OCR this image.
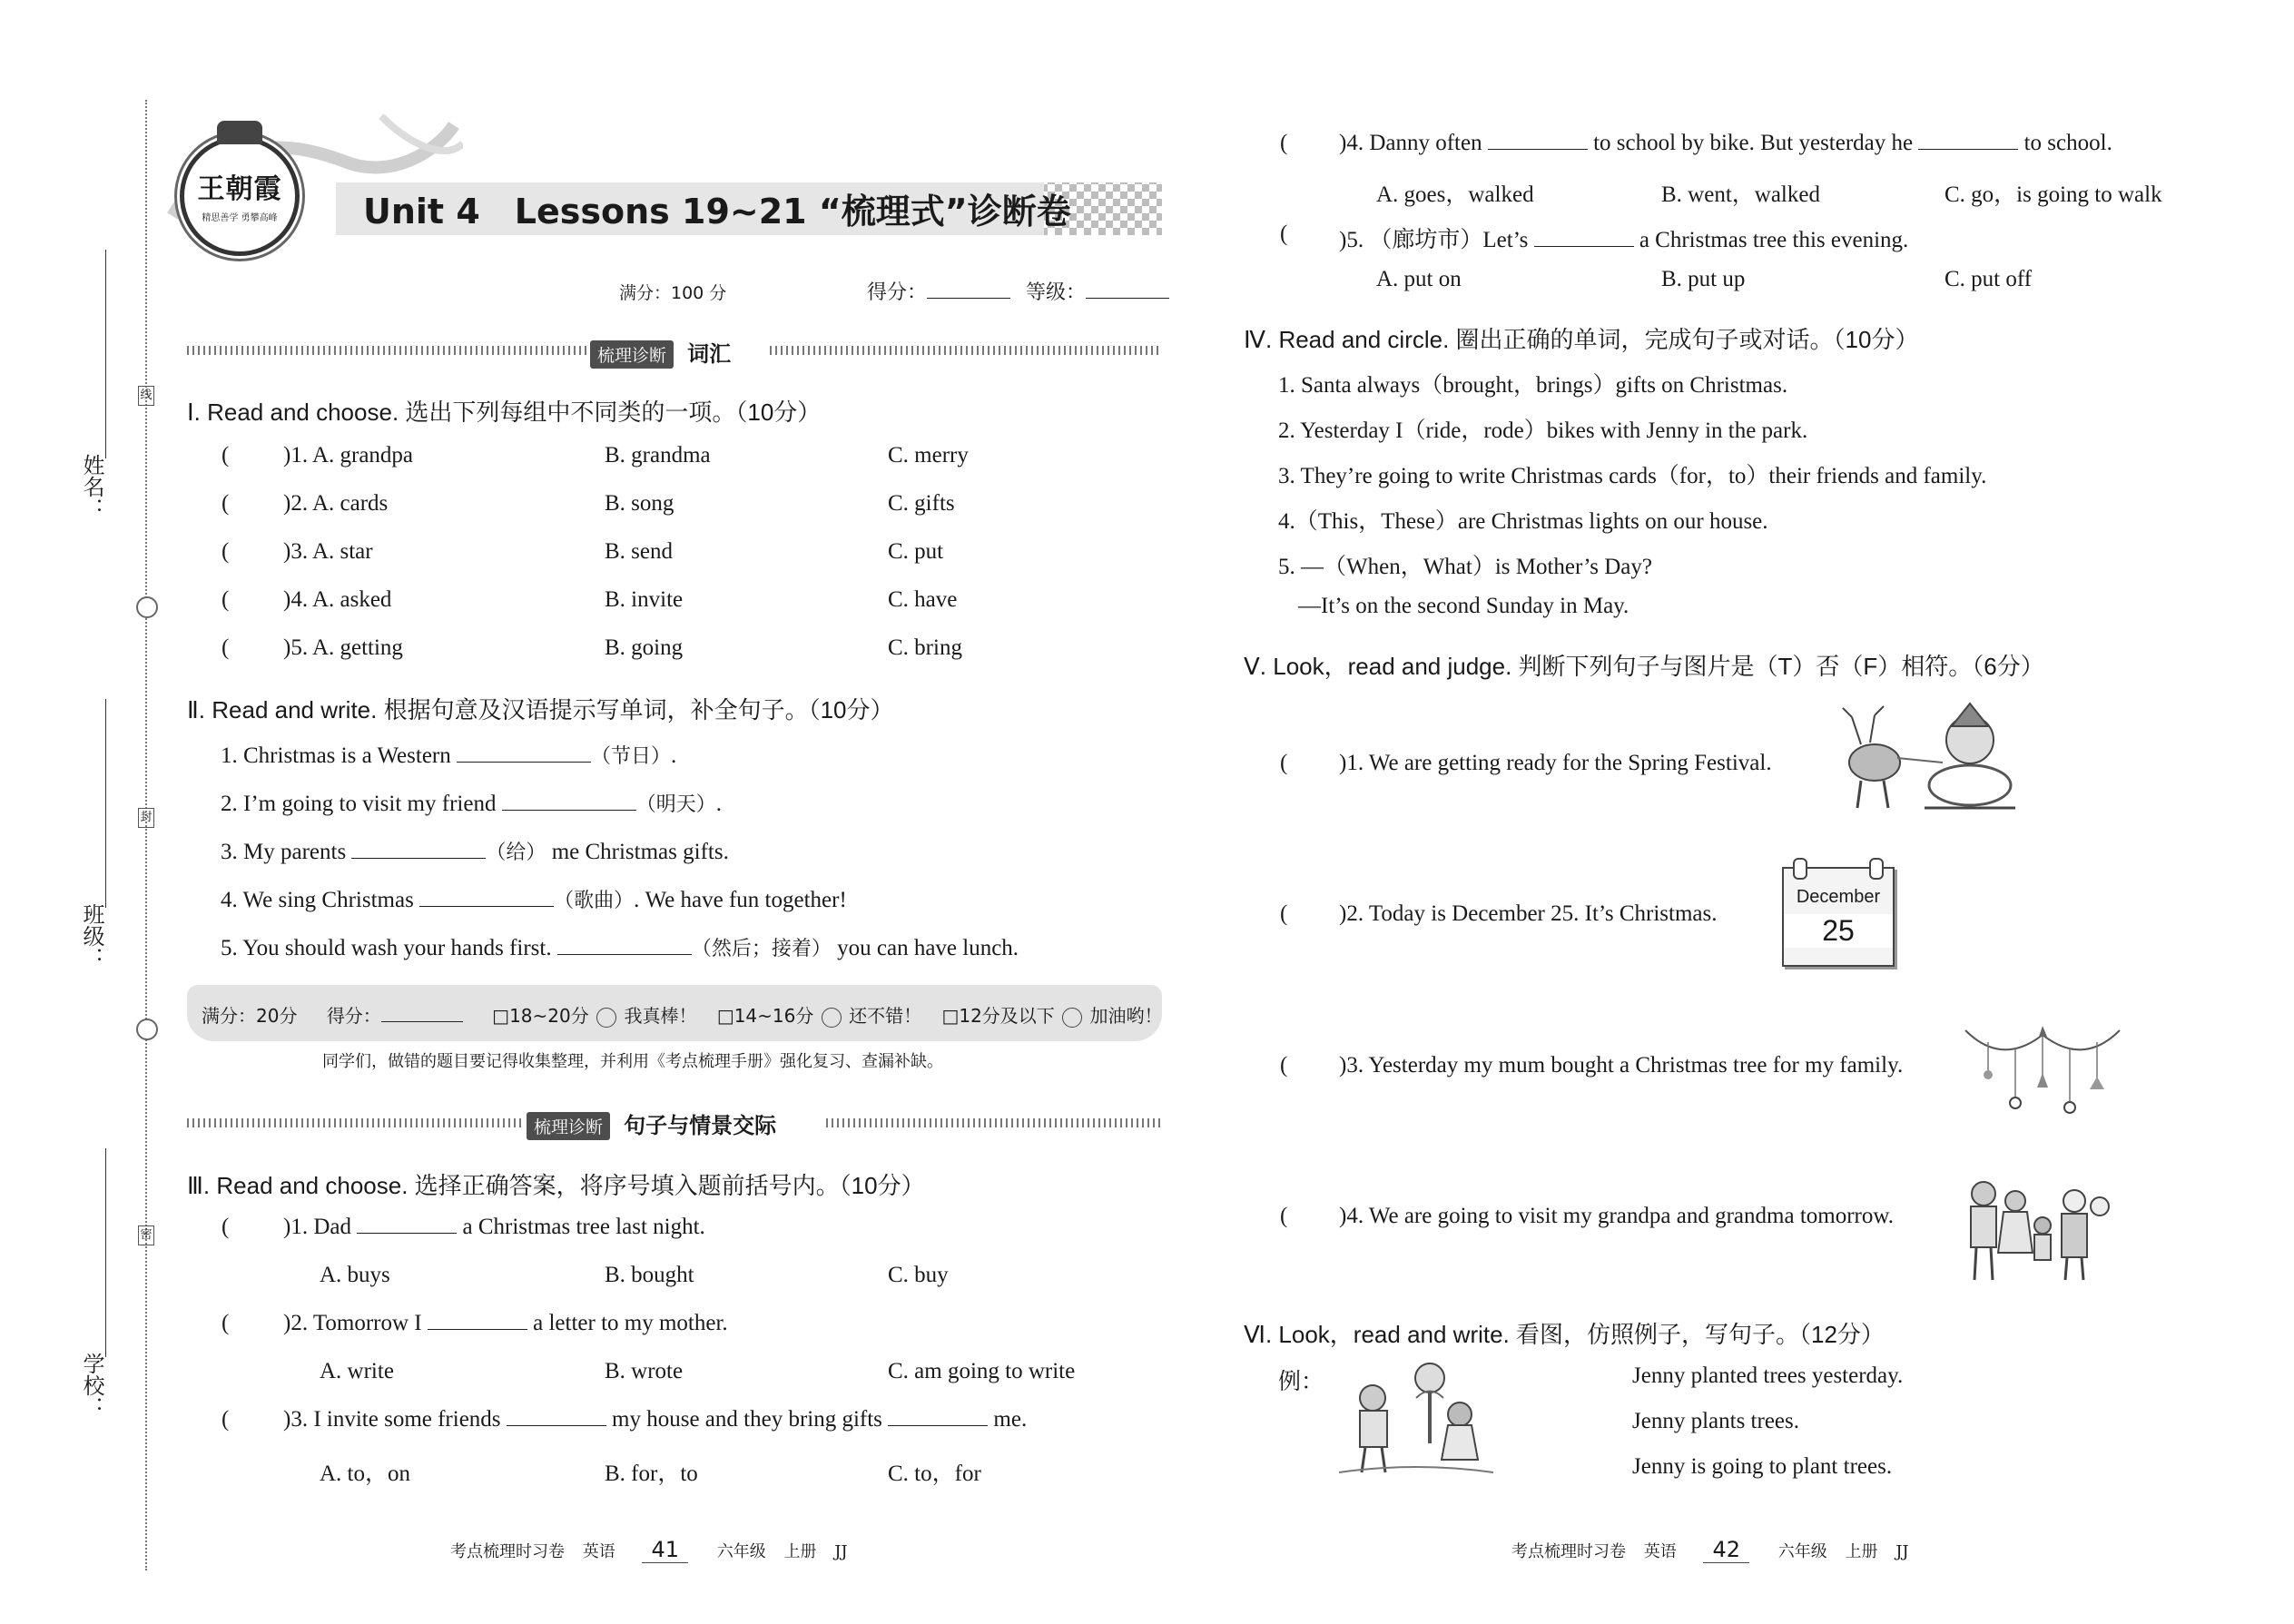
姓名：
班级：
学校：
线
封
密
王朝霞
精思善学 勇攀高峰	Unit 4　Lessons 19~21 “梳理式”诊断卷
满分：100 分	得分：	等级：
梳理诊断 词汇
Ⅰ. Read and choose. 选出下列每组中不同类的一项。（10分）
( )1. A. grandpa	B. grandma	C. merry
( )2. A. cards	B. song	C. gifts
( )3. A. star	B. send	C. put
( )4. A. asked	B. invite	C. have
( )5. A. getting	B. going	C. bring
Ⅱ. Read and write. 根据句意及汉语提示写单词，补全句子。（10分）
1. Christmas is a Western	（节日）.
2. I’m going to visit my friend	（明天）.
3. My parents	（给） me Christmas gifts.
4. We sing Christmas	（歌曲）. We have fun together!
5. You should wash your hands first.	（然后；接着） you can have lunch.
满分：20分 得分：	□18~20分 我真棒！ □14~16分 还不错！ □12分及以下 加油哟！
同学们，做错的题目要记得收集整理，并利用《考点梳理手册》强化复习、查漏补缺。
梳理诊断 句子与情景交际
Ⅲ. Read and choose. 选择正确答案，将序号填入题前括号内。（10分）
( )1. Dad	a Christmas tree last night.
A. buys	B. bought	C. buy
( )2. Tomorrow I	a letter to my mother.
A. write	B. wrote	C. am going to write
( )3. I invite some friends	my house and they bring gifts	me.
A. to，on	B. for，to	C. to，for
考点梳理时习卷 英语 41 六年级 上册 JJ
( )4. Danny often	to school by bike. But yesterday he	to school.
A. goes，walked	B. went，walked	C. go，is going to walk
( )5. （廊坊市）Let’s	a Christmas tree this evening.
A. put on	B. put up	C. put off
Ⅳ. Read and circle. 圈出正确的单词，完成句子或对话。（10分）
1. Santa always（brought，brings）gifts on Christmas.
2. Yesterday I（ride，rode）bikes with Jenny in the park.
3. They’re going to write Christmas cards（for，to）their friends and family.
4.（This，These）are Christmas lights on our house.
5. —（When，What）is Mother’s Day?
—It’s on the second Sunday in May.
Ⅴ. Look，read and judge. 判断下列句子与图片是（T）否（F）相符。（6分）
( )1. We are getting ready for the Spring Festival.
( )2. Today is December 25. It’s Christmas.
December
25
( )3. Yesterday my mum bought a Christmas tree for my family.
( )4. We are going to visit my grandpa and grandma tomorrow.
Ⅵ. Look，read and write. 看图，仿照例子，写句子。（12分）
例：	Jenny planted trees yesterday.
Jenny plants trees.
Jenny is going to plant trees.
考点梳理时习卷 英语 42 六年级 上册 JJ
